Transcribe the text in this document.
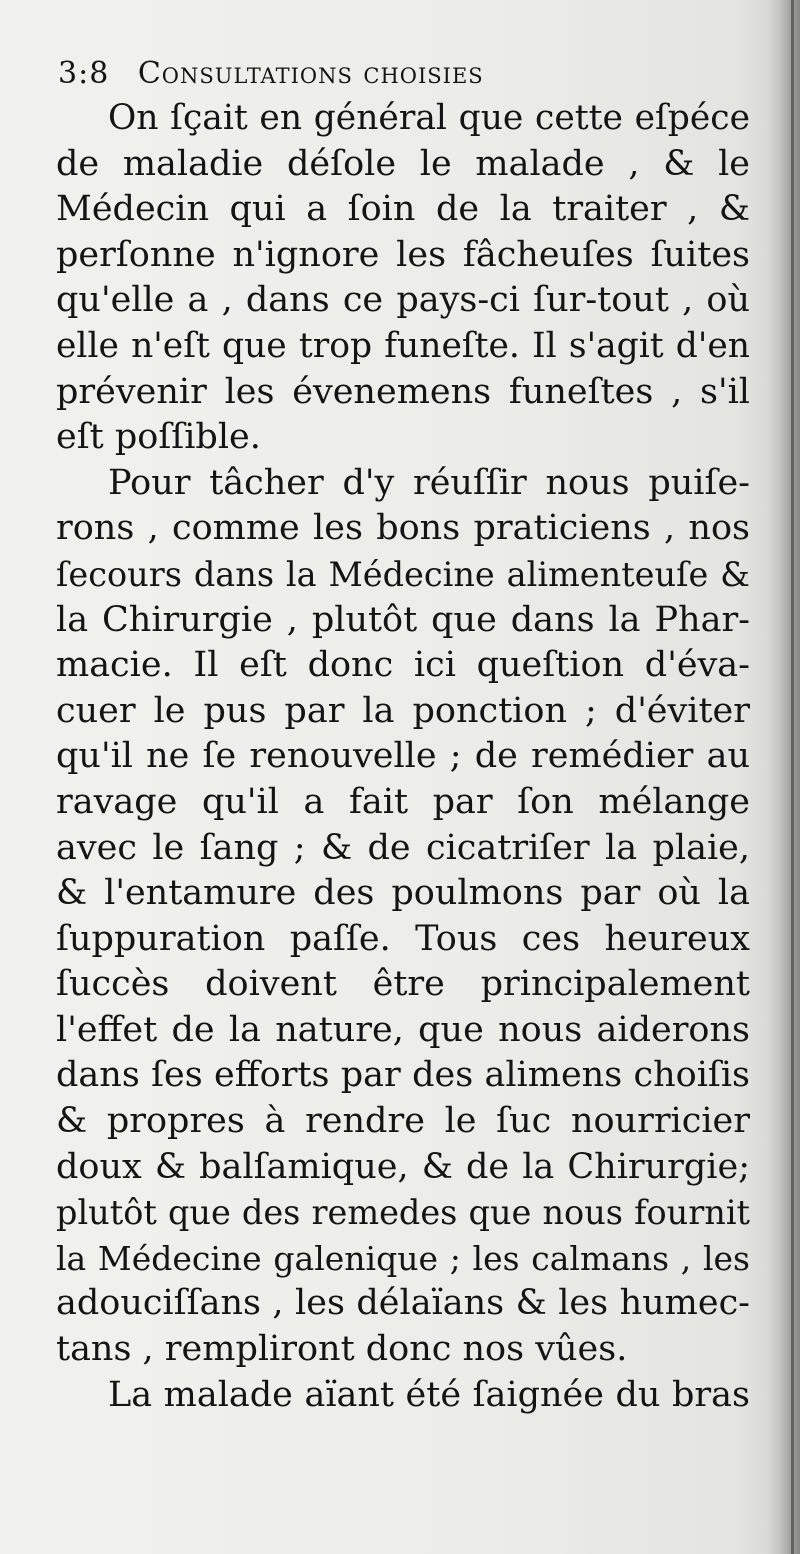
3:8 Consultations choisies
On ſçait en général que cette eſpéce
de maladie déſole le malade , & le
Médecin qui a ſoin de la traiter , &
perſonne n'ignore les fâcheuſes ſuites
qu'elle a , dans ce pays-ci ſur-tout , où
elle n'eſt que trop funeſte. Il s'agit d'en
prévenir les évenemens funeſtes , s'il
eſt poſſible.
Pour tâcher d'y réuſſir nous puiſe-
rons , comme les bons praticiens , nos
ſecours dans la Médecine alimenteuſe &
la Chirurgie , plutôt que dans la Phar-
macie. Il eſt donc ici queſtion d'éva-
cuer le pus par la ponction ; d'éviter
qu'il ne ſe renouvelle ; de remédier au
ravage qu'il a fait par ſon mélange
avec le ſang ; & de cicatriſer la plaie,
& l'entamure des poulmons par où la
ſuppuration paſſe. Tous ces heureux
ſuccès doivent être principalement
l'effet de la nature, que nous aiderons
dans ſes efforts par des alimens choiſis
& propres à rendre le ſuc nourricier
doux & balſamique, & de la Chirurgie;
plutôt que des remedes que nous fournit
la Médecine galenique ; les calmans , les
adouciſſans , les délaïans & les humec-
tans , rempliront donc nos vûes.
La malade aïant été ſaignée du bras
